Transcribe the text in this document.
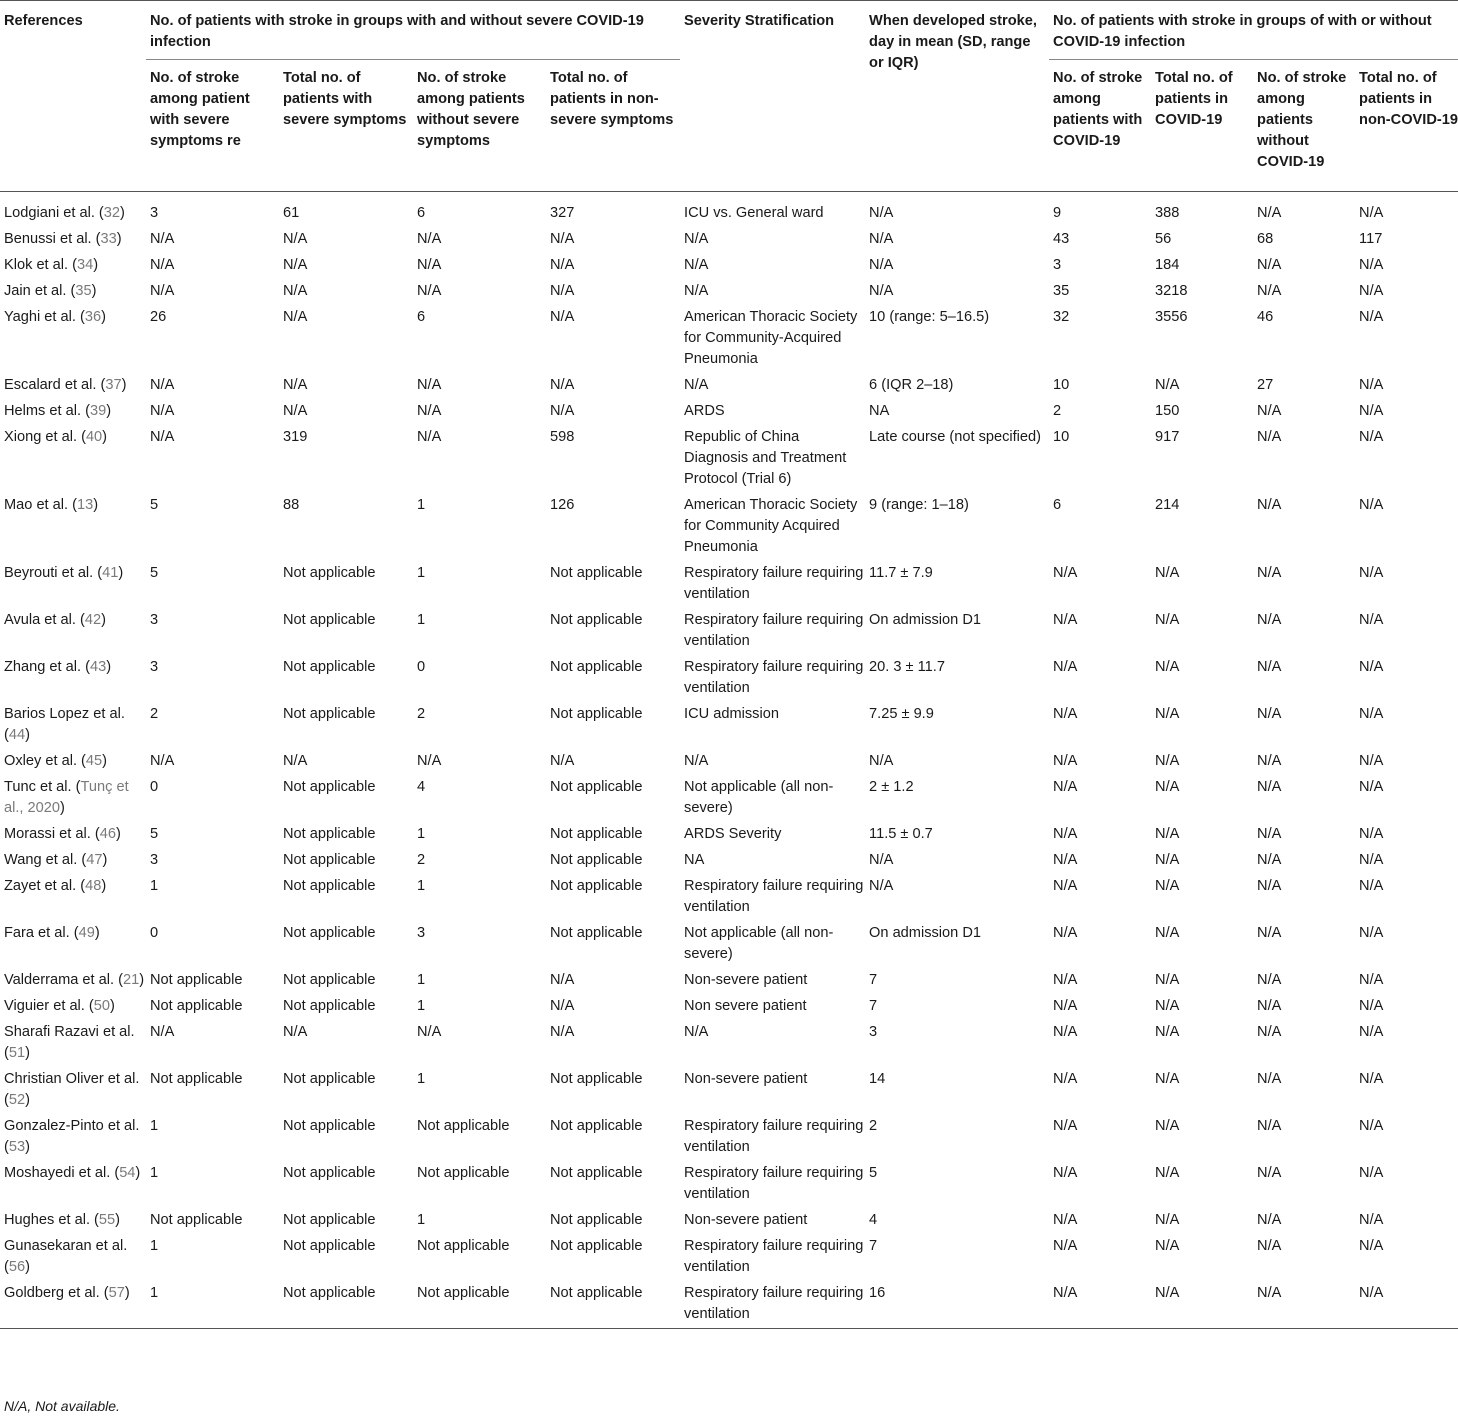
References	No. of patients with stroke in groups with and without severe COVID-19 infection				Severity Stratification	When developed stroke, day in mean (SD, range or IQR)	No. of patients with stroke in groups of with or without COVID-19 infection			
	No. of stroke among patient with severe symptoms re	Total no. of patients with severe symptoms	No. of stroke among patients without severe symptoms	Total no. of patients in non-severe symptoms			No. of stroke among patients with COVID-19	Total no. of patients in COVID-19	No. of stroke among patients without COVID-19	Total no. of patients in non-COVID-19
Lodgiani et al. (32)	3	61	6	327	ICU vs. General ward	N/A	9	388	N/A	N/A
Benussi et al. (33)	N/A	N/A	N/A	N/A	N/A	N/A	43	56	68	117
Klok et al. (34)	N/A	N/A	N/A	N/A	N/A	N/A	3	184	N/A	N/A
Jain et al. (35)	N/A	N/A	N/A	N/A	N/A	N/A	35	3218	N/A	N/A
Yaghi et al. (36)	26	N/A	6	N/A	American Thoracic Society for Community-Acquired Pneumonia	10 (range: 5–16.5)	32	3556	46	N/A
Escalard et al. (37)	N/A	N/A	N/A	N/A	N/A	6 (IQR 2–18)	10	N/A	27	N/A
Helms et al. (39)	N/A	N/A	N/A	N/A	ARDS	NA	2	150	N/A	N/A
Xiong et al. (40)	N/A	319	N/A	598	Republic of China Diagnosis and Treatment Protocol (Trial 6)	Late course (not specified)	10	917	N/A	N/A
Mao et al. (13)	5	88	1	126	American Thoracic Society for Community Acquired Pneumonia	9 (range: 1–18)	6	214	N/A	N/A
Beyrouti et al. (41)	5	Not applicable	1	Not applicable	Respiratory failure requiring ventilation	11.7 ± 7.9	N/A	N/A	N/A	N/A
Avula et al. (42)	3	Not applicable	1	Not applicable	Respiratory failure requiring ventilation	On admission D1	N/A	N/A	N/A	N/A
Zhang et al. (43)	3	Not applicable	0	Not applicable	Respiratory failure requiring ventilation	20. 3 ± 11.7	N/A	N/A	N/A	N/A
Barios Lopez et al. (44)	2	Not applicable	2	Not applicable	ICU admission	7.25 ± 9.9	N/A	N/A	N/A	N/A
Oxley et al. (45)	N/A	N/A	N/A	N/A	N/A	N/A	N/A	N/A	N/A	N/A
Tunc et al. (Tunç et al., 2020)	0	Not applicable	4	Not applicable	Not applicable (all non-severe)	2 ± 1.2	N/A	N/A	N/A	N/A
Morassi et al. (46)	5	Not applicable	1	Not applicable	ARDS Severity	11.5 ± 0.7	N/A	N/A	N/A	N/A
Wang et al. (47)	3	Not applicable	2	Not applicable	NA	N/A	N/A	N/A	N/A	N/A
Zayet et al. (48)	1	Not applicable	1	Not applicable	Respiratory failure requiring ventilation	N/A	N/A	N/A	N/A	N/A
Fara et al. (49)	0	Not applicable	3	Not applicable	Not applicable (all non-severe)	On admission D1	N/A	N/A	N/A	N/A
Valderrama et al. (21)	Not applicable	Not applicable	1	N/A	Non-severe patient	7	N/A	N/A	N/A	N/A
Viguier et al. (50)	Not applicable	Not applicable	1	N/A	Non severe patient	7	N/A	N/A	N/A	N/A
Sharafi Razavi et al. (51)	N/A	N/A	N/A	N/A	N/A	3	N/A	N/A	N/A	N/A
Christian Oliver et al. (52)	Not applicable	Not applicable	1	Not applicable	Non-severe patient	14	N/A	N/A	N/A	N/A
Gonzalez-Pinto et al. (53)	1	Not applicable	Not applicable	Not applicable	Respiratory failure requiring ventilation	2	N/A	N/A	N/A	N/A
Moshayedi et al. (54)	1	Not applicable	Not applicable	Not applicable	Respiratory failure requiring ventilation	5	N/A	N/A	N/A	N/A
Hughes et al. (55)	Not applicable	Not applicable	1	Not applicable	Non-severe patient	4	N/A	N/A	N/A	N/A
Gunasekaran et al. (56)	1	Not applicable	Not applicable	Not applicable	Respiratory failure requiring ventilation	7	N/A	N/A	N/A	N/A
Goldberg et al. (57)	1	Not applicable	Not applicable	Not applicable	Respiratory failure requiring ventilation	16	N/A	N/A	N/A	N/A
N/A, Not available.
